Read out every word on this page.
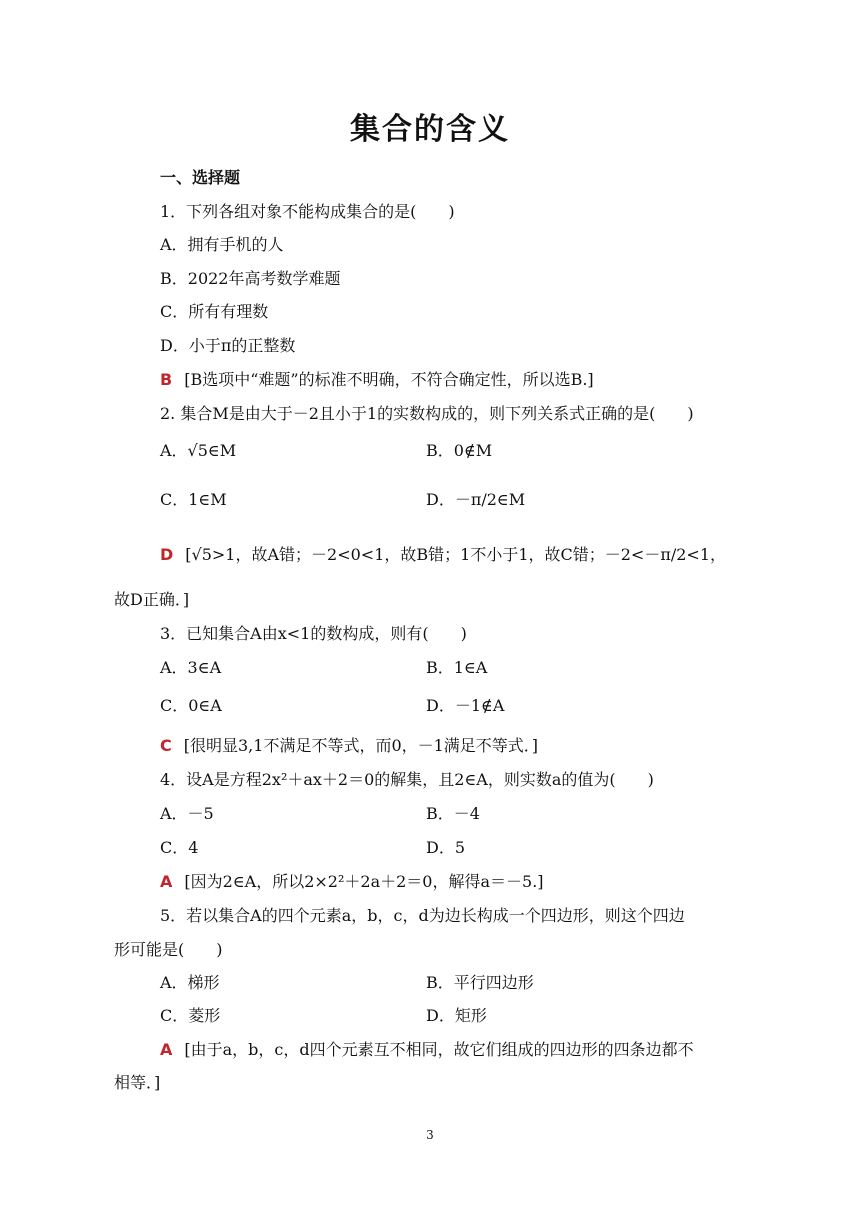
集合的含义
一、选择题
1．下列各组对象不能构成集合的是(　　)
A．拥有手机的人
B．2022年高考数学难题
C．所有有理数
D．小于π的正整数
B [B选项中“难题”的标准不明确，不符合确定性，所以选B.]
2. 集合M是由大于－2且小于1的实数构成的，则下列关系式正确的是(　　)
A．√5∈M	B．0∉M
C．1∈M	D．－π/2∈M
D [√5>1，故A错；－2<0<1，故B错；1不小于1，故C错；－2<－π/2<1，
故D正确．]
3．已知集合A由x<1的数构成，则有(　　)
A．3∈A	B．1∈A
C．0∈A	D．－1∉A
C [很明显3,1不满足不等式，而0，－1满足不等式．]
4．设A是方程2x²＋ax＋2＝0的解集，且2∈A，则实数a的值为(　　)
A．－5	B．－4
C．4	D．5
A [因为2∈A，所以2×2²＋2a＋2＝0，解得a＝－5.]
5．若以集合A的四个元素a，b，c，d为边长构成一个四边形，则这个四边
形可能是(　　)
A．梯形	B．平行四边形
C．菱形	D．矩形
A [由于a，b，c，d四个元素互不相同，故它们组成的四边形的四条边都不
相等．]
3
